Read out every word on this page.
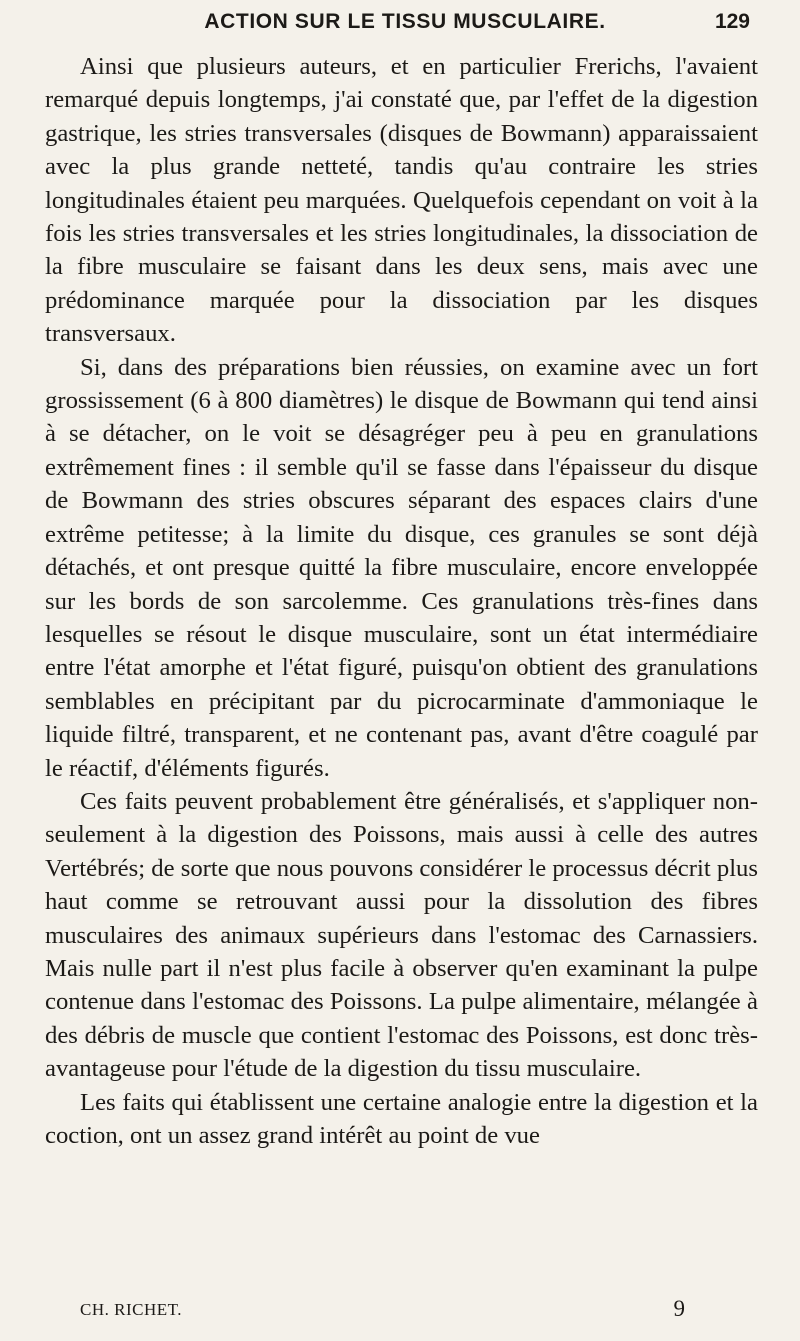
ACTION SUR LE TISSU MUSCULAIRE.	129

Ainsi que plusieurs auteurs, et en particulier Frerichs, l'avaient remarqué depuis longtemps, j'ai constaté que, par l'effet de la digestion gastrique, les stries transversales (disques de Bowmann) apparaissaient avec la plus grande netteté, tandis qu'au contraire les stries longitudinales étaient peu marquées. Quelquefois cependant on voit à la fois les stries transversales et les stries longitudinales, la dissociation de la fibre musculaire se faisant dans les deux sens, mais avec une prédominance marquée pour la dissociation par les disques transversaux.

Si, dans des préparations bien réussies, on examine avec un fort grossissement (6 à 800 diamètres) le disque de Bowmann qui tend ainsi à se détacher, on le voit se désagréger peu à peu en granulations extrêmement fines : il semble qu'il se fasse dans l'épaisseur du disque de Bowmann des stries obscures séparant des espaces clairs d'une extrême petitesse; à la limite du disque, ces granules se sont déjà détachés, et ont presque quitté la fibre musculaire, encore enveloppée sur les bords de son sarcolemme. Ces granulations très-fines dans lesquelles se résout le disque musculaire, sont un état intermédiaire entre l'état amorphe et l'état figuré, puisqu'on obtient des granulations semblables en précipitant par du picrocarminate d'ammoniaque le liquide filtré, transparent, et ne contenant pas, avant d'être coagulé par le réactif, d'éléments figurés.

Ces faits peuvent probablement être généralisés, et s'appliquer non-seulement à la digestion des Poissons, mais aussi à celle des autres Vertébrés; de sorte que nous pouvons considérer le processus décrit plus haut comme se retrouvant aussi pour la dissolution des fibres musculaires des animaux supérieurs dans l'estomac des Carnassiers. Mais nulle part il n'est plus facile à observer qu'en examinant la pulpe contenue dans l'estomac des Poissons. La pulpe alimentaire, mélangée à des débris de muscle que contient l'estomac des Poissons, est donc très-avantageuse pour l'étude de la digestion du tissu musculaire.

Les faits qui établissent une certaine analogie entre la digestion et la coction, ont un assez grand intérêt au point de vue

CH. RICHET.	9
